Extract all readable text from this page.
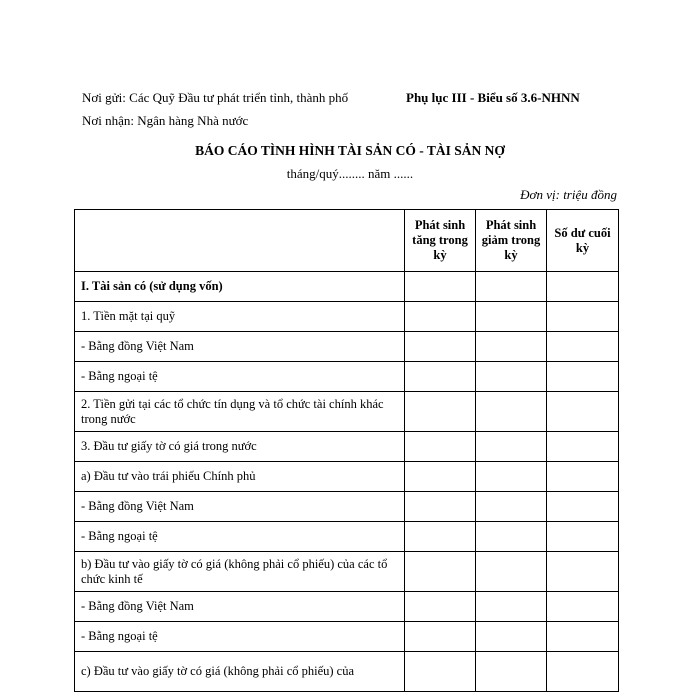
Nơi gửi: Các Quỹ Đầu tư phát triển tỉnh, thành phố	Phụ lục III - Biểu số 3.6-NHNN
Nơi nhận: Ngân hàng Nhà nước
BÁO CÁO TÌNH HÌNH TÀI SẢN CÓ - TÀI SẢN NỢ
tháng/quý........ năm ......
Đơn vị: triệu đồng
	Phát sinh tăng trong kỳ	Phát sinh giảm trong kỳ	Số dư cuối kỳ
I. Tài sản có (sử dụng vốn)			
1. Tiền mặt tại quỹ			
- Bằng đồng Việt Nam			
- Bằng ngoại tệ			
2. Tiền gửi tại các tổ chức tín dụng và tổ chức tài chính khác trong nước			
3. Đầu tư giấy tờ có giá trong nước			
a) Đầu tư vào trái phiếu Chính phủ			
- Bằng đồng Việt Nam			
- Bằng ngoại tệ			
b) Đầu tư vào giấy tờ có giá (không phải cổ phiếu) của các tổ chức kinh tế			
- Bằng đồng Việt Nam			
- Bằng ngoại tệ			
c) Đầu tư vào giấy tờ có giá (không phải cổ phiếu) của			
